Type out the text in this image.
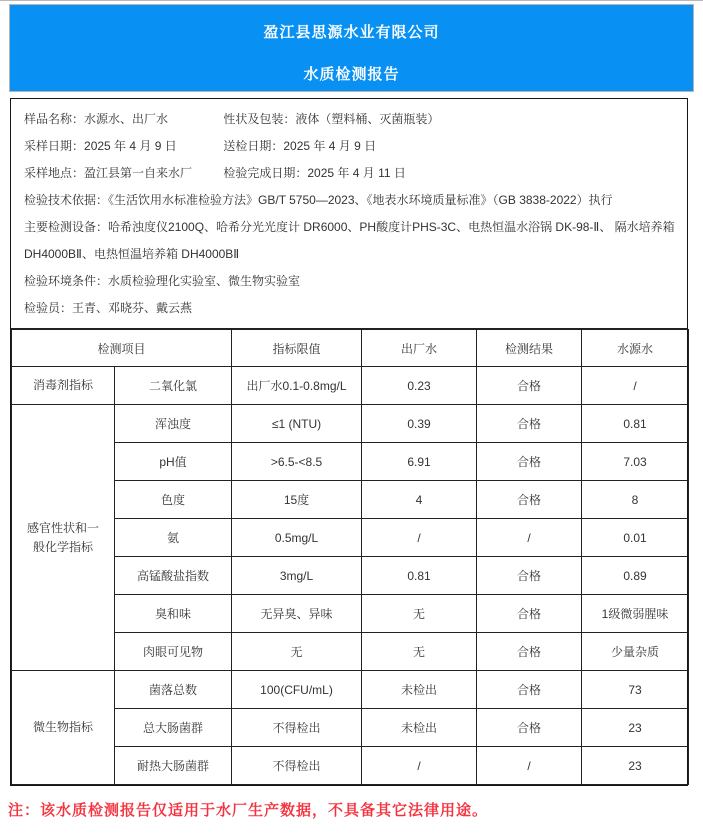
盈江县思源水业有限公司
水质检测报告
样品名称：水源水、出厂水	性状及包装：液体（塑料桶、灭菌瓶装）
采样日期：2025 年 4 月 9 日	送检日期：2025 年 4 月 9 日
采样地点：盈江县第一自来水厂	检验完成日期：2025 年 4 月 11 日
检验技术依据：《生活饮用水标准检验方法》GB/T 5750—2023、《地表水环境质量标准》（GB 3838-2022）执行
主要检测设备：哈希浊度仪2100Q、哈希分光光度计 DR6000、PH酸度计PHS-3C、电热恒温水浴锅 DK-98-Ⅱ、 隔水培养箱DH4000BⅡ、电热恒温培养箱 DH4000BⅡ
检验环境条件：水质检验理化实验室、微生物实验室
检验员：王青、邓晓芬、戴云燕
检测项目		指标限值	出厂水	检测结果	水源水
消毒剂指标	二氧化氯	出厂水0.1-0.8mg/L	0.23	合格	/
感官性状和一般化学指标	浑浊度	≤1 (NTU)	0.39	合格	0.81
	pH值	>6.5-<8.5	6.91	合格	7.03
	色度	15度	4	合格	8
	氨	0.5mg/L	/	/	0.01
	高锰酸盐指数	3mg/L	0.81	合格	0.89
	臭和味	无异臭、异味	无	合格	1级微弱腥味
	肉眼可见物	无	无	合格	少量杂质
微生物指标	菌落总数	100(CFU/mL)	未检出	合格	73
	总大肠菌群	不得检出	未检出	合格	23
	耐热大肠菌群	不得检出	/	/	23
注：该水质检测报告仅适用于水厂生产数据，不具备其它法律用途。
